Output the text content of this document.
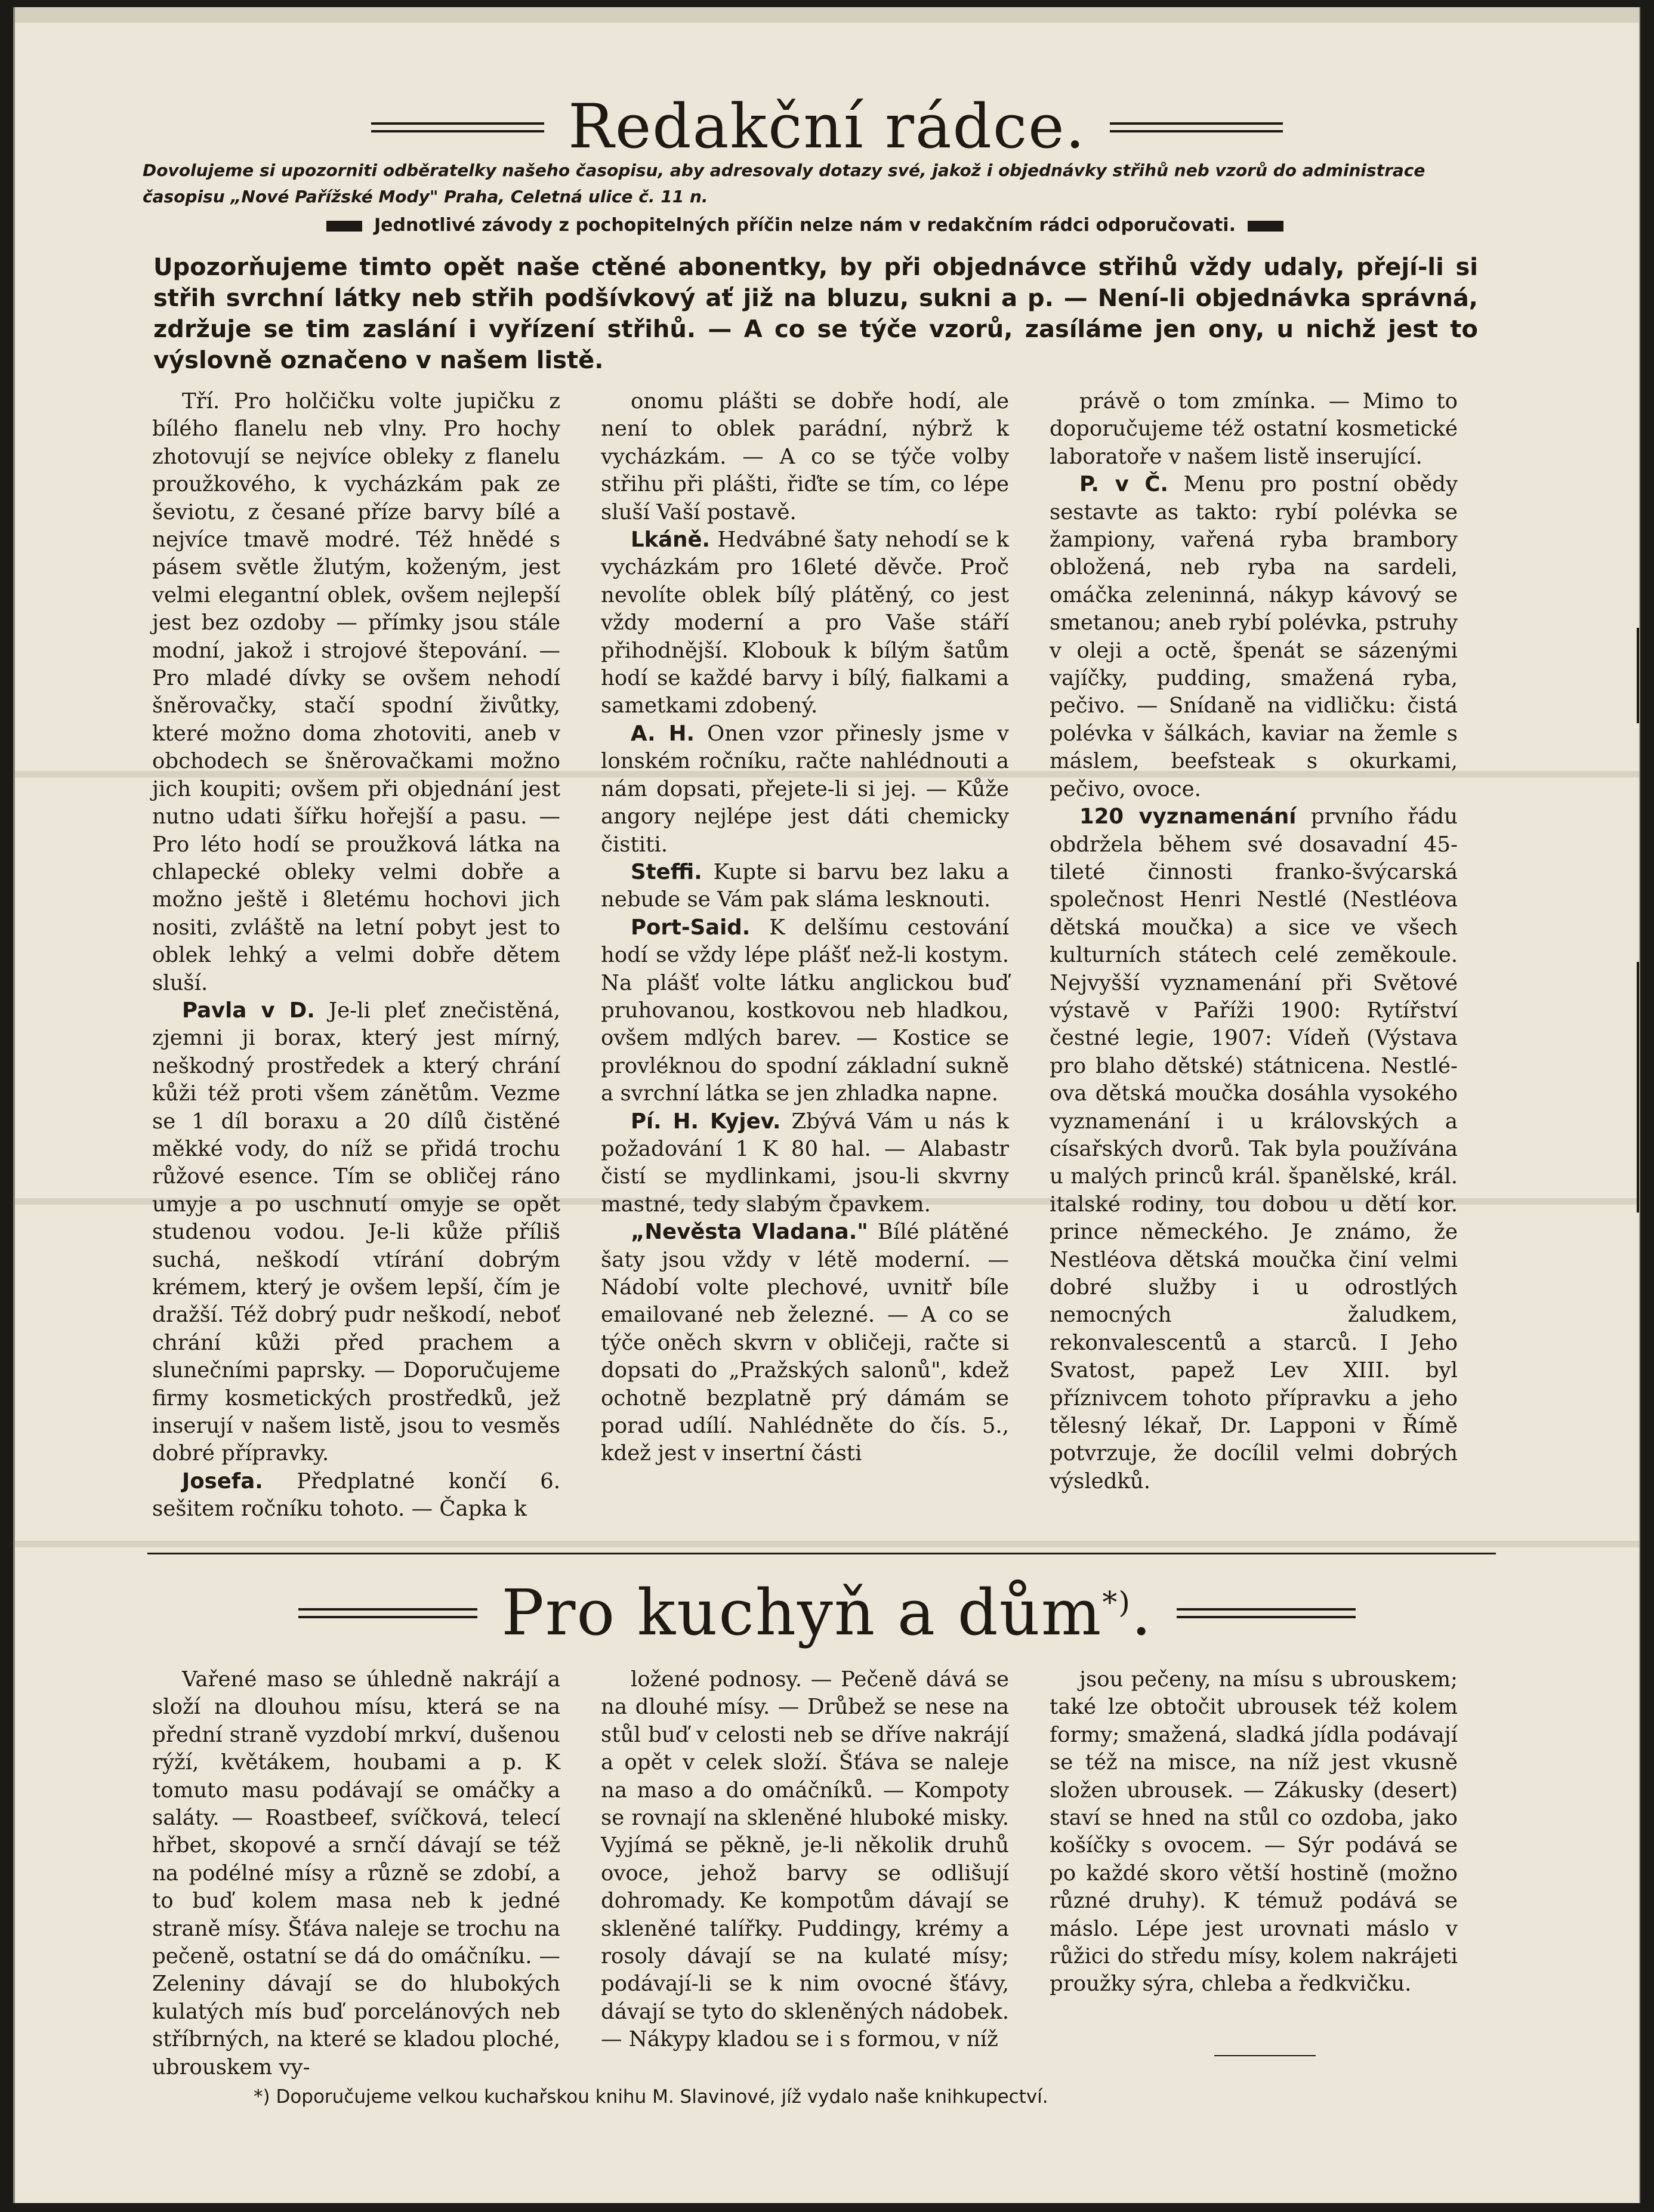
Redakční rádce.

Dovolujeme si upozorniti odběratelky našeho časopisu, aby adresovaly dotazy své, jakož i objednávky střihů neb vzorů do administrace časopisu „Nové Pařížské Mody" Praha, Celetná ulice č. 11 n.

Jednotlivé závody z pochopitelných příčin nelze nám v redakčním rádci odporučovati.

Upozorňujeme timto opět naše ctěné abonentky, by při objednávce střihů vždy udaly, přejí-li si střih svrchní látky neb střih podšívkový ať již na bluzu, sukni a p. — Není-li objednávka správná, zdržuje se tim zaslání i vyřízení střihů. — A co se týče vzorů, zasíláme jen ony, u nichž jest to výslovně označeno v našem listě.

Tří. Pro holčičku volte jupičku z bílého flanelu neb vlny. Pro hochy zhotovují se nejvíce obleky z flanelu proužkového, k vycházkám pak ze ševiotu, z česané příze barvy bílé a nejvíce tmavě modré. Též hnědé s pásem světle žlutým, koženým, jest velmi elegantní oblek, ovšem nejlepší jest bez ozdoby — přímky jsou stále modní, jakož i strojové štepování. — Pro mladé dívky se ovšem nehodí šněrovačky, stačí spodní živůtky, které možno doma zhotoviti, aneb v obchodech se šněrovačkami možno jich koupiti; ovšem při objednání jest nutno udati šířku hořejší a pasu. — Pro léto hodí se proužková látka na chlapecké obleky velmi dobře a možno ještě i 8letému hochovi jich nositi, zvláště na letní pobyt jest to oblek lehký a velmi dobře dětem sluší.

Pavla v D. Je-li pleť znečistěná, zjemni ji borax, který jest mírný, neškodný prostředek a který chrání kůži též proti všem zánětům. Vezme se 1 díl boraxu a 20 dílů čistěné měkké vody, do níž se přidá trochu růžové esence. Tím se obličej ráno umyje a po uschnutí omyje se opět studenou vodou. Je-li kůže příliš suchá, neškodí vtírání dobrým krémem, který je ovšem lepší, čím je dražší. Též dobrý pudr neškodí, neboť chrání kůži před prachem a slunečními paprsky. — Doporučujeme firmy kosmetických prostředků, jež inserují v našem listě, jsou to vesměs dobré přípravky.

Josefa. Předplatné končí 6. sešitem ročníku tohoto. — Čapka k

onomu plášti se dobře hodí, ale není to oblek parádní, nýbrž k vycházkám. — A co se týče volby střihu při plášti, řiďte se tím, co lépe sluší Vaší postavě.

Lkáně. Hedvábné šaty nehodí se k vycházkám pro 16leté děvče. Proč nevolíte oblek bílý plátěný, co jest vždy moderní a pro Vaše stáří přihodnější. Klobouk k bílým šatům hodí se každé barvy i bílý, fialkami a sametkami zdobený.

A. H. Onen vzor přinesly jsme v lonském ročníku, račte nahlédnouti a nám dopsati, přejete-li si jej. — Kůže angory nejlépe jest dáti chemicky čistiti.

Steffi. Kupte si barvu bez laku a nebude se Vám pak sláma lesknouti.

Port-Said. K delšímu cestování hodí se vždy lépe plášť než-li kostym. Na plášť volte látku anglickou buď pruhovanou, kostkovou neb hladkou, ovšem mdlých barev. — Kostice se provléknou do spodní základní sukně a svrchní látka se jen zhladka napne.

Pí. H. Kyjev. Zbývá Vám u nás k požadování 1 K 80 hal. — Alabastr čistí se mydlinkami, jsou-li skvrny mastné, tedy slabým čpavkem.

„Nevěsta Vladana." Bílé plátěné šaty jsou vždy v létě moderní. — Nádobí volte plechové, uvnitř bíle emailované neb železné. — A co se týče oněch skvrn v obličeji, račte si dopsati do „Pražských salonů", kdež ochotně bezplatně prý dámám se porad udílí. Nahlédněte do čís. 5., kdež jest v insertní části

právě o tom zmínka. — Mimo to doporučujeme též ostatní kosmetické laboratoře v našem listě inserující.

P. v Č. Menu pro postní obědy sestavte as takto: rybí polévka se žampiony, vařená ryba brambory obložená, neb ryba na sardeli, omáčka zeleninná, nákyp kávový se smetanou; aneb rybí polévka, pstruhy v oleji a octě, špenát se sázenými vajíčky, pudding, smažená ryba, pečivo. — Snídaně na vidličku: čistá polévka v šálkách, kaviar na žemle s máslem, beefsteak s okurkami, pečivo, ovoce.

120 vyznamenání prvního řádu obdržela během své dosavadní 45-tileté činnosti franko-švýcarská společnost Henri Nestlé (Nestléova dětská moučka) a sice ve všech kulturních státech celé zeměkoule. Nejvyšší vyznamenání při Světové výstavě v Paříži 1900: Rytířství čestné legie, 1907: Vídeň (Výstava pro blaho dětské) státnicena. Nestlé-ova dětská moučka dosáhla vysokého vyznamenání i u královských a císařských dvorů. Tak byla používána u malých princů král. španělské, král. italské rodiny, tou dobou u dětí kor. prince německého. Je známo, že Nestléova dětská moučka činí velmi dobré služby i u odrostlých nemocných žaludkem, rekonvalescentů a starců. I Jeho Svatost, papež Lev XIII. byl příznivcem tohoto přípravku a jeho tělesný lékař, Dr. Lapponi v Římě potvrzuje, že docílil velmi dobrých výsledků.

Pro kuchyň a dům*).
Vařené maso se úhledně nakrájí a složí na dlouhou mísu, která se na přední straně vyzdobí mrkví, dušenou rýží, květákem, houbami a p. K tomuto masu podávají se omáčky a saláty. — Roastbeef, svíčková, telecí hřbet, skopové a srnčí dávají se též na podélné mísy a různě se zdobí, a to buď kolem masa neb k jedné straně mísy. Šťáva naleje se trochu na pečeně, ostatní se dá do omáčníku. — Zeleniny dávají se do hlubokých kulatých mís buď porcelánových neb stříbrných, na které se kladou ploché, ubrouskem vy-
ložené podnosy. — Pečeně dává se na dlouhé mísy. — Drůbež se nese na stůl buď v celosti neb se dříve nakrájí a opět v celek složí. Šťáva se naleje na maso a do omáčníků. — Kompoty se rovnají na skleněné hluboké misky. Vyjímá se pěkně, je-li několik druhů ovoce, jehož barvy se odlišují dohromady. Ke kompotům dávají se skleněné talířky. Puddingy, krémy a rosoly dávají se na kulaté mísy; podávají-li se k nim ovocné šťávy, dávají se tyto do skleněných nádobek. — Nákypy kladou se i s formou, v níž
jsou pečeny, na mísu s ubrouskem; také lze obtočit ubrousek též kolem formy; smažená, sladká jídla podávají se též na misce, na níž jest vkusně složen ubrousek. — Zákusky (desert) staví se hned na stůl co ozdoba, jako košíčky s ovocem. — Sýr podává se po každé skoro větší hostině (možno různé druhy). K témuž podává se máslo. Lépe jest urovnati máslo v růžici do středu mísy, kolem nakrájeti proužky sýra, chleba a ředkvičku.

*) Doporučujeme velkou kuchařskou knihu M. Slavinové, jíž vydalo naše knihkupectví.
